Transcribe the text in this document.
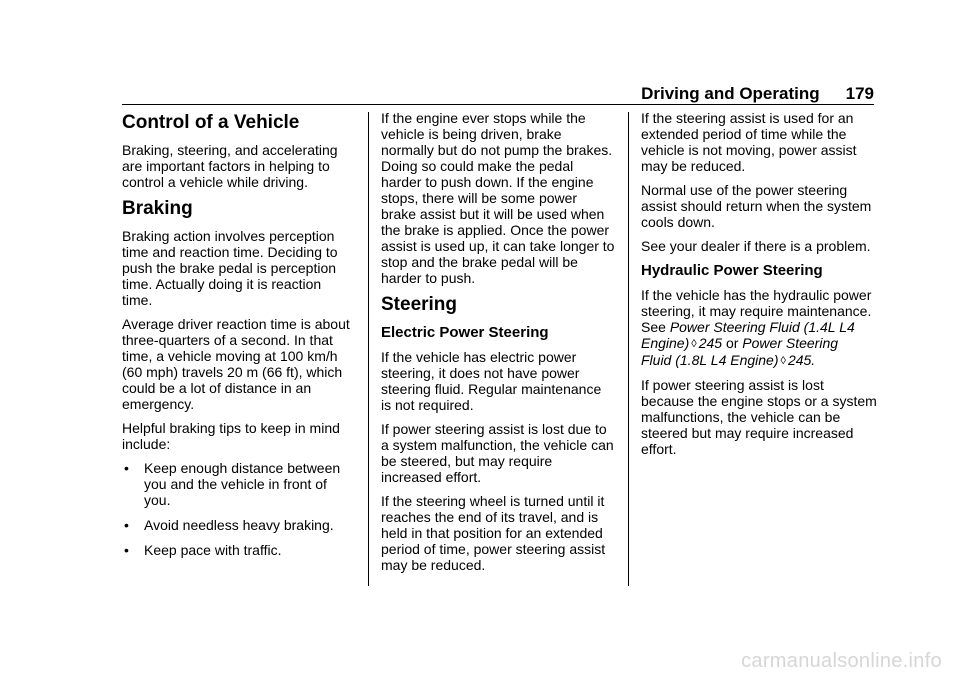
Driving and Operating 179
Control of a Vehicle

Braking, steering, and accelerating are important factors in helping to control a vehicle while driving.

Braking

Braking action involves perception time and reaction time. Deciding to push the brake pedal is perception time. Actually doing it is reaction time.

Average driver reaction time is about three-quarters of a second. In that time, a vehicle moving at 100 km/h (60 mph) travels 20 m (66 ft), which could be a lot of distance in an emergency.

Helpful braking tips to keep in mind include:

• Keep enough distance between you and the vehicle in front of you.
• Avoid needless heavy braking.
• Keep pace with traffic.

If the engine ever stops while the vehicle is being driven, brake normally but do not pump the brakes. Doing so could make the pedal harder to push down. If the engine stops, there will be some power brake assist but it will be used when the brake is applied. Once the power assist is used up, it can take longer to stop and the brake pedal will be harder to push.

Steering
Electric Power Steering

If the vehicle has electric power steering, it does not have power steering fluid. Regular maintenance is not required.

If power steering assist is lost due to a system malfunction, the vehicle can be steered, but may require increased effort.

If the steering wheel is turned until it reaches the end of its travel, and is held in that position for an extended period of time, power steering assist may be reduced.

If the steering assist is used for an extended period of time while the vehicle is not moving, power assist may be reduced.

Normal use of the power steering assist should return when the system cools down.

See your dealer if there is a problem.

Hydraulic Power Steering

If the vehicle has the hydraulic power steering, it may require maintenance.
See Power Steering Fluid (1.4L L4
Engine) ◊ 245 or Power Steering
Fluid (1.8L L4 Engine) ◊ 245.

If power steering assist is lost because the engine stops or a system malfunctions, the vehicle can be steered but may require increased effort.

carmanualsonline.info
